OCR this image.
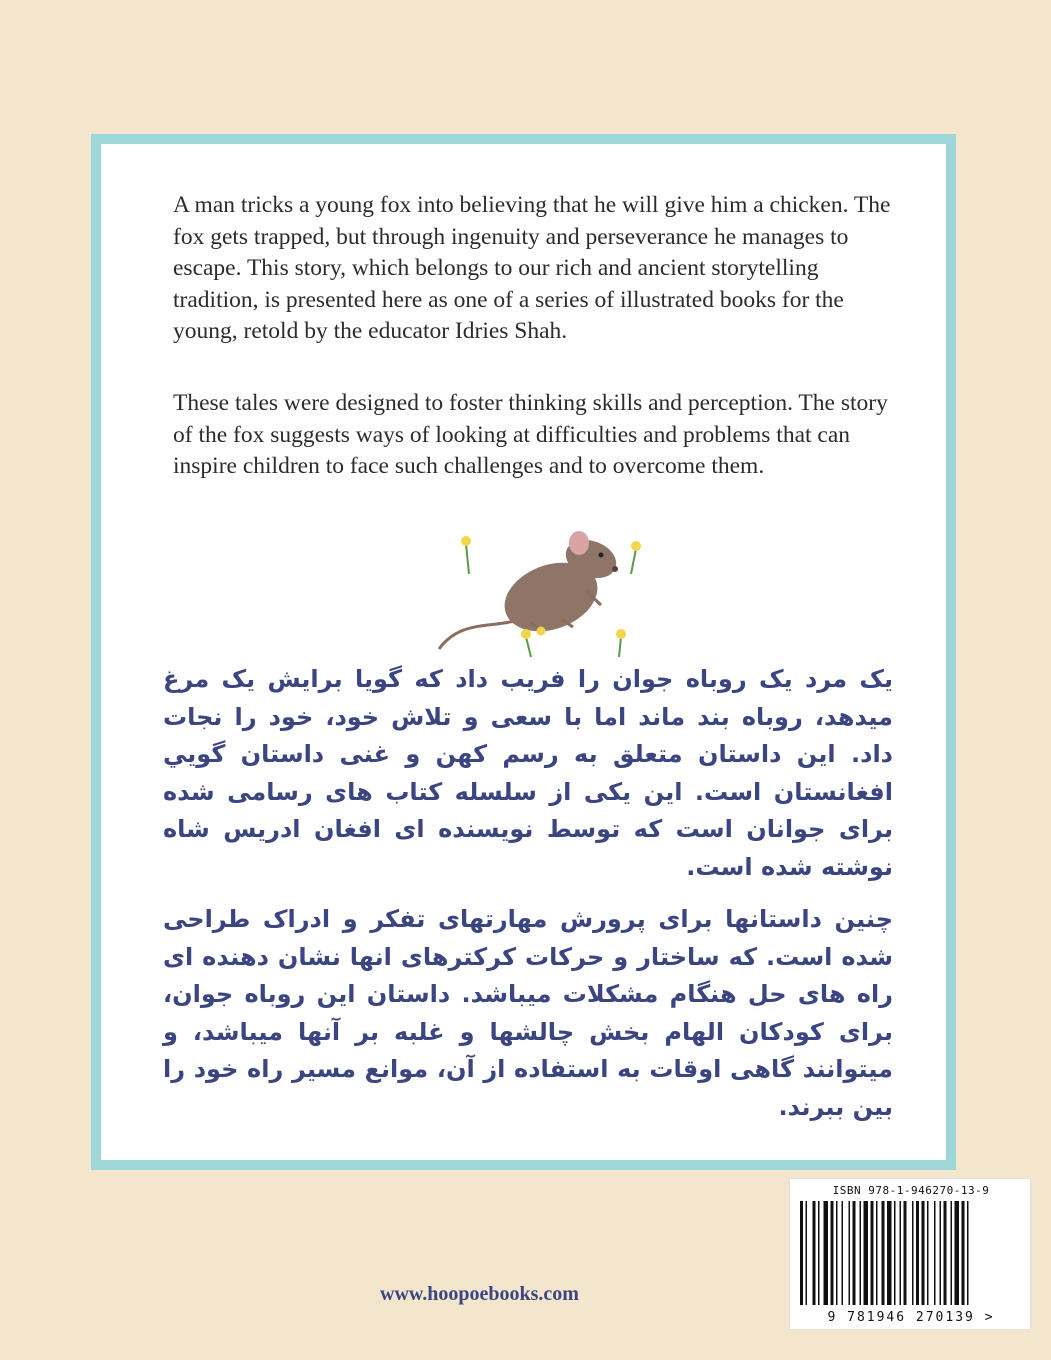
A man tricks a young fox into believing that he will give him a chicken. The fox gets trapped, but through ingenuity and perseverance he manages to escape. This story, which belongs to our rich and ancient storytelling tradition, is presented here as one of a series of illustrated books for the young, retold by the educator Idries Shah.

These tales were designed to foster thinking skills and perception. The story of the fox suggests ways of looking at difficulties and problems that can inspire children to face such challenges and to overcome them.

یک مرد یک روباه جوان را فریب داد که گویا برایش یک مرغ میدهد، روباه بند ماند اما با سعی و تلاش خود، خود را نجات داد. این داستان متعلق به رسم کهن و غنی داستان گويي افغانستان است. این یکی از سلسله کتاب های رسامی شده برای جوانان است که توسط نویسنده ای افغان ادریس شاه نوشته شده است.

چنین داستانها برای پرورش مهارتهای تفکر و ادراک طراحی شده است. که ساختار و حرکات کرکترهای انها نشان دهنده ای راه های حل هنگام مشکلات میباشد. داستان این روباه جوان، برای کودکان الهام بخش چالشها و غلبه بر آنها میباشد، و میتوانند گاهی اوقات به استفاده از آن، موانع مسیر راه خود را بین ببرند.

www.hoopoebooks.com
ISBN 978-1-946270-13-9
9 781946 270139 >
